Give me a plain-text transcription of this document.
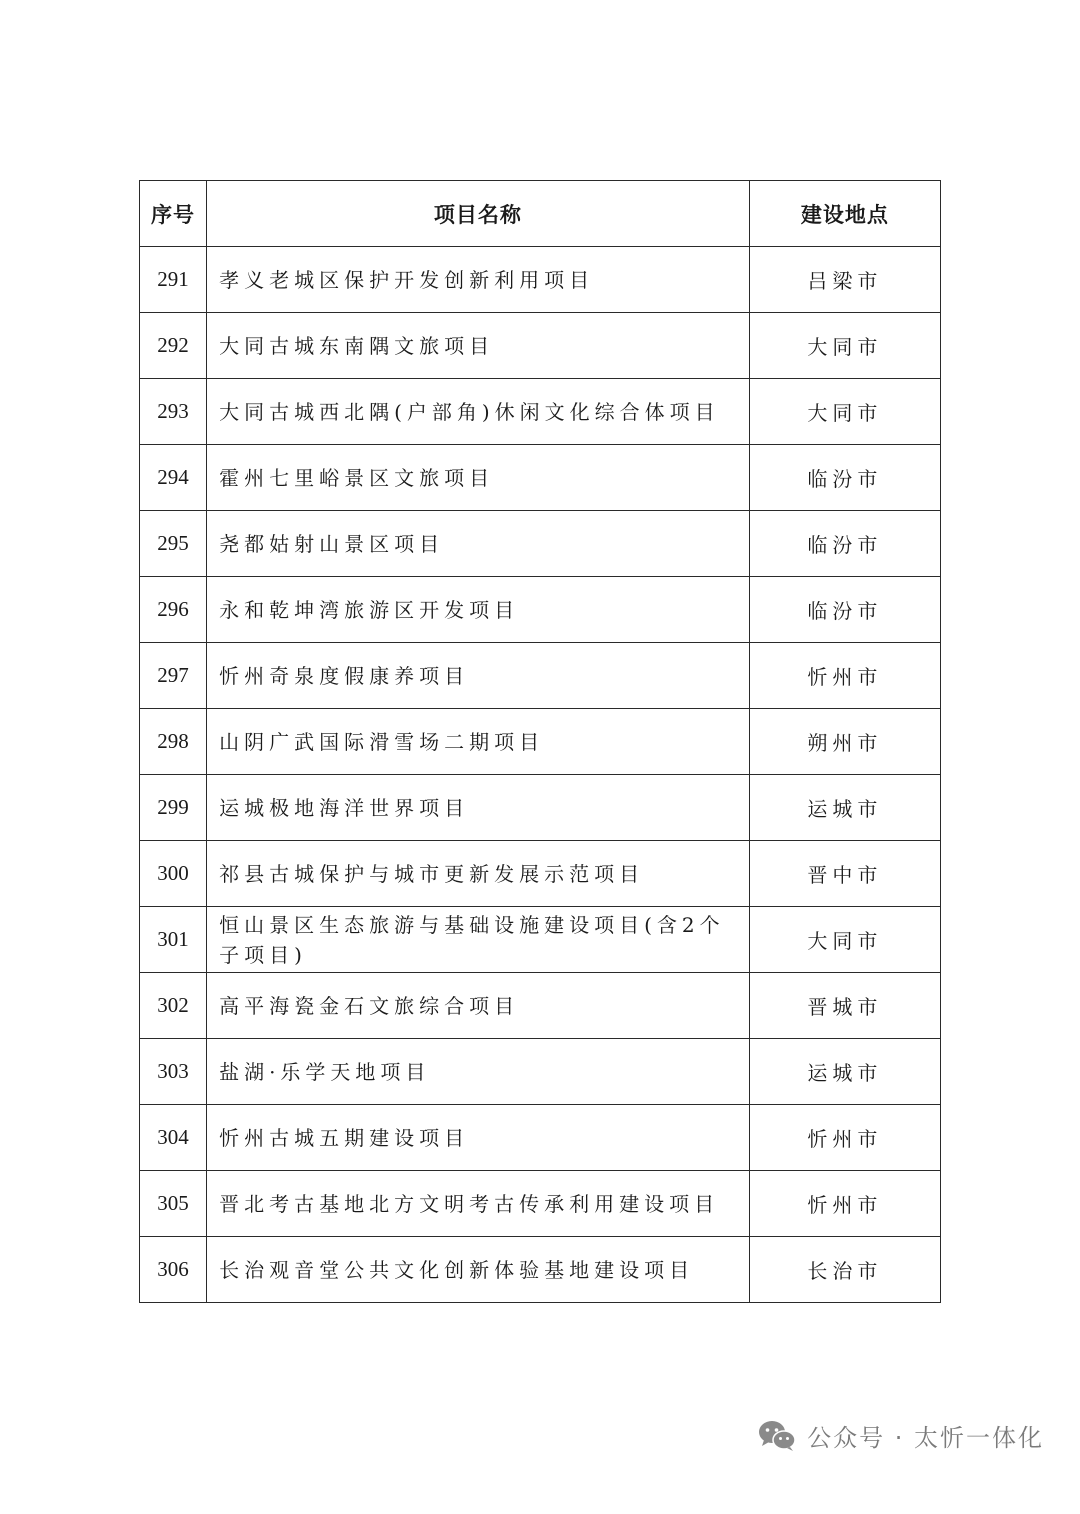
序号	项目名称	建设地点
291	孝义老城区保护开发创新利用项目	吕梁市
292	大同古城东南隅文旅项目	大同市
293	大同古城西北隅(户部角)休闲文化综合体项目	大同市
294	霍州七里峪景区文旅项目	临汾市
295	尧都姑射山景区项目	临汾市
296	永和乾坤湾旅游区开发项目	临汾市
297	忻州奇泉度假康养项目	忻州市
298	山阴广武国际滑雪场二期项目	朔州市
299	运城极地海洋世界项目	运城市
300	祁县古城保护与城市更新发展示范项目	晋中市
301	恒山景区生态旅游与基础设施建设项目(含2个子项目)	大同市
302	高平海瓷金石文旅综合项目	晋城市
303	盐湖·乐学天地项目	运城市
304	忻州古城五期建设项目	忻州市
305	晋北考古基地北方文明考古传承利用建设项目	忻州市
306	长治观音堂公共文化创新体验基地建设项目	长治市
公众号 · 太忻一体化
